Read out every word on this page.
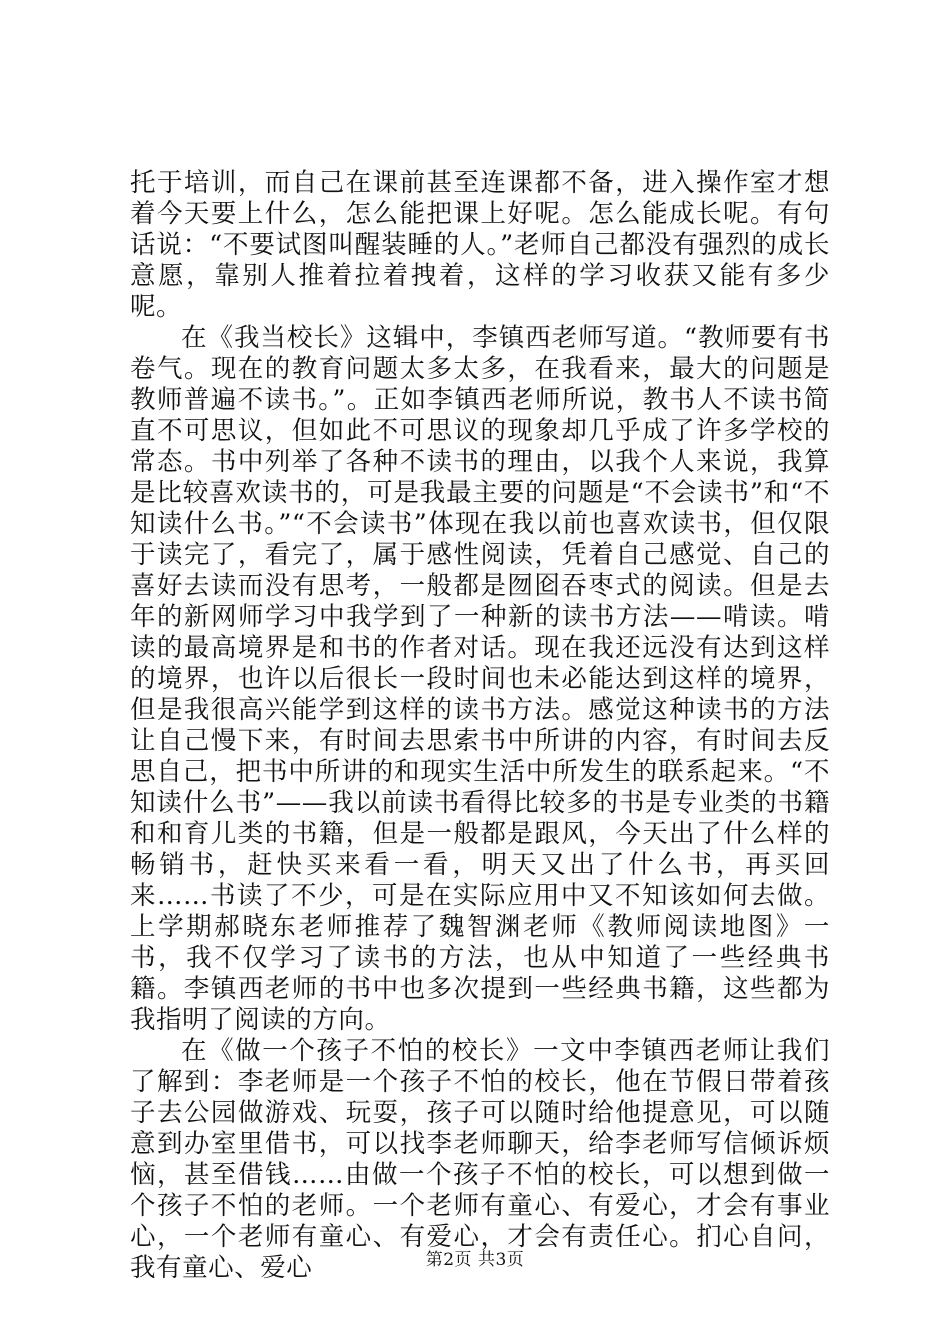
托于培训，而自己在课前甚至连课都不备，进入操作室才想着今天要上什么，怎么能把课上好呢。怎么能成长呢。有句话说：“不要试图叫醒装睡的人。”老师自己都没有强烈的成长意愿，靠别人推着拉着拽着，这样的学习收获又能有多少呢。

在《我当校长》这辑中，李镇西老师写道。“教师要有书卷气。现在的教育问题太多太多，在我看来，最大的问题是教师普遍不读书。”。正如李镇西老师所说，教书人不读书简直不可思议，但如此不可思议的现象却几乎成了许多学校的常态。书中列举了各种不读书的理由，以我个人来说，我算是比较喜欢读书的，可是我最主要的问题是“不会读书”和“不知读什么书。”“不会读书”体现在我以前也喜欢读书，但仅限于读完了，看完了，属于感性阅读，凭着自己感觉、自己的喜好去读而没有思考，一般都是囫囵吞枣式的阅读。但是去年的新网师学习中我学到了一种新的读书方法——啃读。啃读的最高境界是和书的作者对话。现在我还远没有达到这样的境界，也许以后很长一段时间也未必能达到这样的境界，但是我很高兴能学到这样的读书方法。感觉这种读书的方法让自己慢下来，有时间去思索书中所讲的内容，有时间去反思自己，把书中所讲的和现实生活中所发生的联系起来。“不知读什么书”——我以前读书看得比较多的书是专业类的书籍和和育儿类的书籍，但是一般都是跟风，今天出了什么样的畅销书，赶快买来看一看，明天又出了什么书，再买回来……书读了不少，可是在实际应用中又不知该如何去做。上学期郝晓东老师推荐了魏智渊老师《教师阅读地图》一书，我不仅学习了读书的方法，也从中知道了一些经典书籍。李镇西老师的书中也多次提到一些经典书籍，这些都为我指明了阅读的方向。

在《做一个孩子不怕的校长》一文中李镇西老师让我们了解到：李老师是一个孩子不怕的校长，他在节假日带着孩子去公园做游戏、玩耍，孩子可以随时给他提意见，可以随意到办室里借书，可以找李老师聊天，给李老师写信倾诉烦恼，甚至借钱……由做一个孩子不怕的校长，可以想到做一个孩子不怕的老师。一个老师有童心、有爱心，才会有事业心，一个老师有童心、有爱心，才会有责任心。扪心自问，我有童心、爱心	第2页 共3页
